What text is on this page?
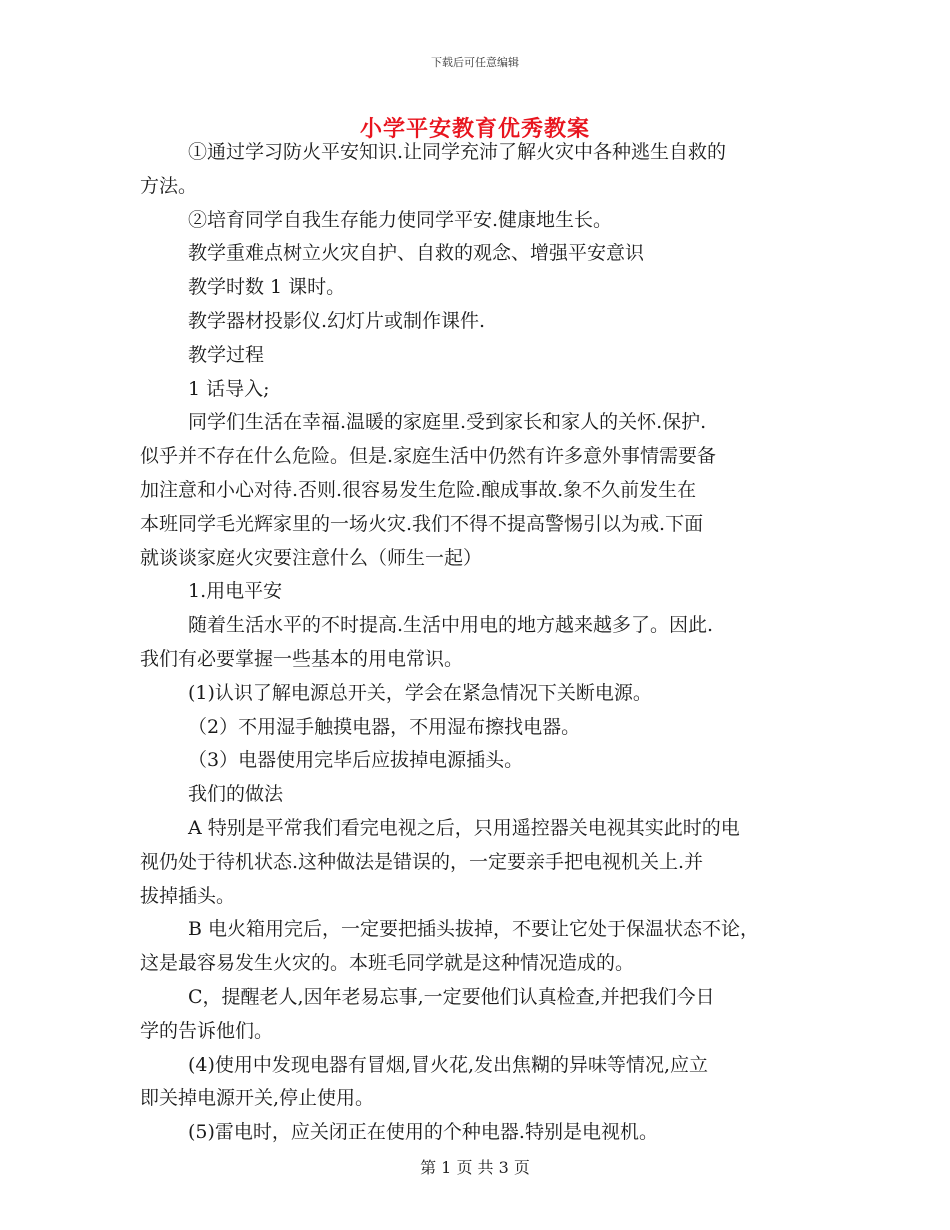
下载后可任意编辑
小学平安教育优秀教案

①通过学习防火平安知识.让同学充沛了解火灾中各种逃生自救的

方法。

②培育同学自我生存能力使同学平安.健康地生长。

教学重难点树立火灾自护、自救的观念、增强平安意识

教学时数 1 课时。

教学器材投影仪.幻灯片或制作课件.

教学过程

1 话导入;

同学们生活在幸福.温暖的家庭里.受到家长和家人的关怀.保护.

似乎并不存在什么危险。但是.家庭生活中仍然有许多意外事情需要备

加注意和小心对待.否则.很容易发生危险.酿成事故.象不久前发生在

本班同学毛光辉家里的一场火灾.我们不得不提高警惕引以为戒.下面

就谈谈家庭火灾要注意什么（师生一起）

1.用电平安

随着生活水平的不时提高.生活中用电的地方越来越多了。因此.

我们有必要掌握一些基本的用电常识。

(1)认识了解电源总开关，学会在紧急情况下关断电源。

（2）不用湿手触摸电器，不用湿布擦找电器。

（3）电器使用完毕后应拔掉电源插头。

我们的做法

A 特别是平常我们看完电视之后，只用遥控器关电视其实此时的电

视仍处于待机状态.这种做法是错误的，一定要亲手把电视机关上.并

拔掉插头。

B 电火箱用完后，一定要把插头拔掉，不要让它处于保温状态不论，

这是最容易发生火灾的。本班毛同学就是这种情况造成的。

C，提醒老人,因年老易忘事,一定要他们认真检查,并把我们今日

学的告诉他们。

(4)使用中发现电器有冒烟,冒火花,发出焦糊的异味等情况,应立

即关掉电源开关,停止使用。

(5)雷电时，应关闭正在使用的个种电器.特别是电视机。

第 1 页 共 3 页
